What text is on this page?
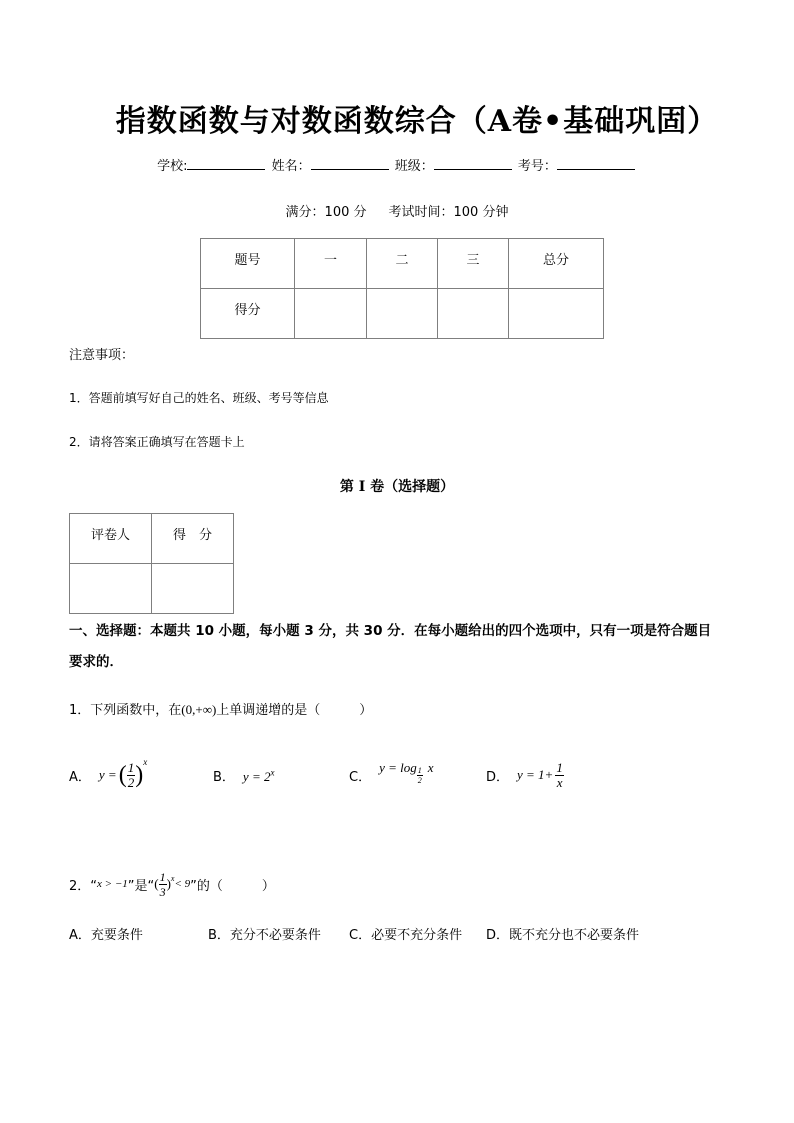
指数函数与对数函数综合（A卷•基础巩固）
学校:	姓名：	班级：	考号：
满分：100 分 考试时间：100 分钟
题号	一	二	三	总分
得分				
注意事项：
1．答题前填写好自己的姓名、班级、考号等信息
2．请将答案正确填写在答题卡上
第 I 卷（选择题）
评卷人	得　分

一、选择题：本题共 10 小题，每小题 3 分，共 30 分．在每小题给出的四个选项中，只有一项是符合题目
要求的．
1．下列函数中，在(0,+∞)上单调递增的是（　　　）
A． y = ( $\frac{1}{2} )^x$
B． $y = 2^x$	C．
$y = \log \frac{1}{2}$ x
D． $y = 1+ \frac{1}{x}$
2．“ x > −1 ”是“ ( $\frac{1}{3} )^x < 9$ ”的（　　　）
A．充要条件	B．充分不必要条件 C．必要不充分条件 D．既不充分也不必要条件
